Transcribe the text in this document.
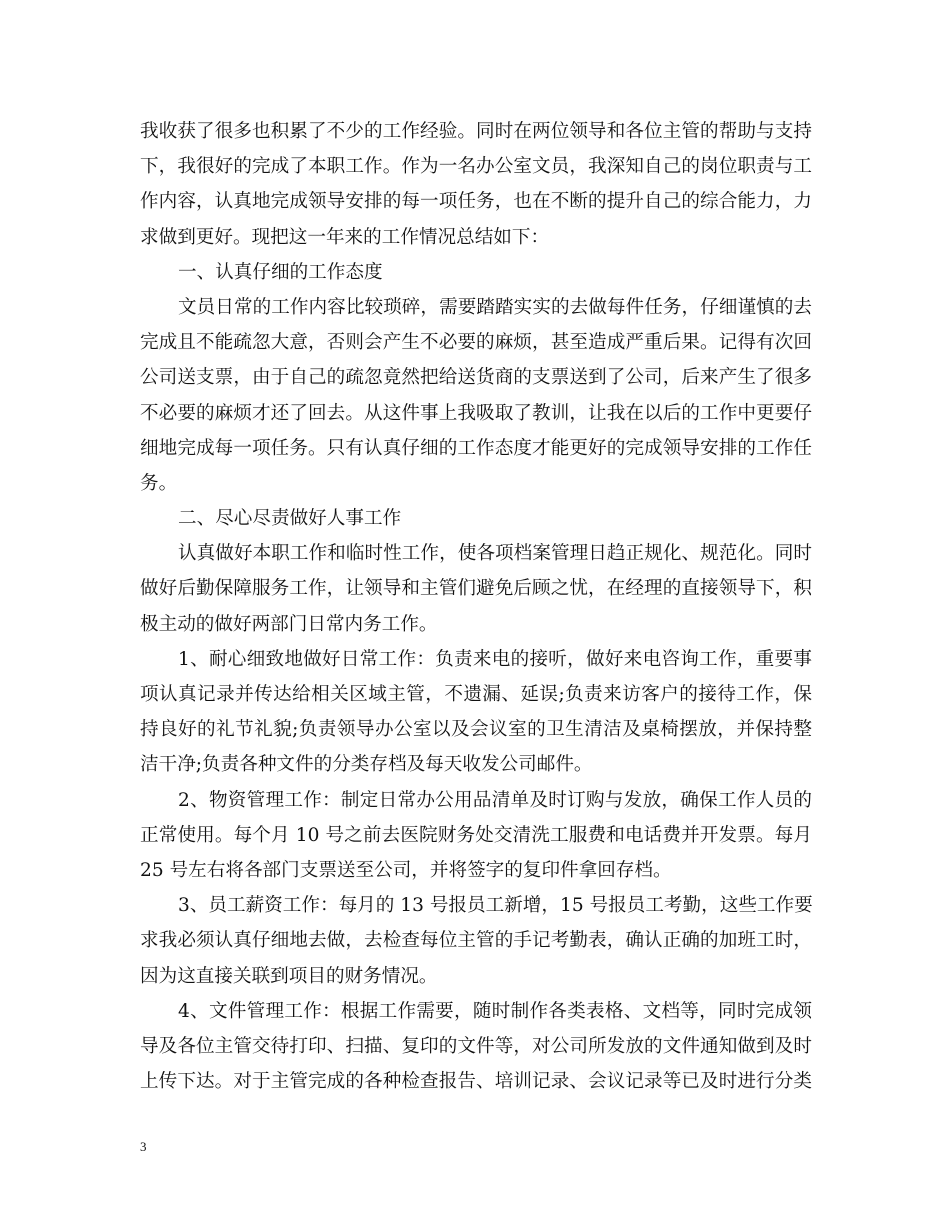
我收获了很多也积累了不少的工作经验。同时在两位领导和各位主管的帮助与支持
下，我很好的完成了本职工作。作为一名办公室文员，我深知自己的岗位职责与工
作内容，认真地完成领导安排的每一项任务，也在不断的提升自己的综合能力，力
求做到更好。现把这一年来的工作情况总结如下：
一、认真仔细的工作态度
文员日常的工作内容比较琐碎，需要踏踏实实的去做每件任务，仔细谨慎的去
完成且不能疏忽大意，否则会产生不必要的麻烦，甚至造成严重后果。记得有次回
公司送支票，由于自己的疏忽竟然把给送货商的支票送到了公司，后来产生了很多
不必要的麻烦才还了回去。从这件事上我吸取了教训，让我在以后的工作中更要仔
细地完成每一项任务。只有认真仔细的工作态度才能更好的完成领导安排的工作任
务。
二、尽心尽责做好人事工作
认真做好本职工作和临时性工作，使各项档案管理日趋正规化、规范化。同时
做好后勤保障服务工作，让领导和主管们避免后顾之忧，在经理的直接领导下，积
极主动的做好两部门日常内务工作。
1、耐心细致地做好日常工作：负责来电的接听，做好来电咨询工作，重要事
项认真记录并传达给相关区域主管，不遗漏、延误;负责来访客户的接待工作，保
持良好的礼节礼貌;负责领导办公室以及会议室的卫生清洁及桌椅摆放，并保持整
洁干净;负责各种文件的分类存档及每天收发公司邮件。
2、物资管理工作：制定日常办公用品清单及时订购与发放，确保工作人员的
正常使用。每个月 10 号之前去医院财务处交清洗工服费和电话费并开发票。每月
25 号左右将各部门支票送至公司，并将签字的复印件拿回存档。
3、员工薪资工作：每月的 13 号报员工新增，15 号报员工考勤，这些工作要
求我必须认真仔细地去做，去检查每位主管的手记考勤表，确认正确的加班工时，
因为这直接关联到项目的财务情况。
4、文件管理工作：根据工作需要，随时制作各类表格、文档等，同时完成领
导及各位主管交待打印、扫描、复印的文件等，对公司所发放的文件通知做到及时
上传下达。对于主管完成的各种检查报告、培训记录、会议记录等已及时进行分类
3
